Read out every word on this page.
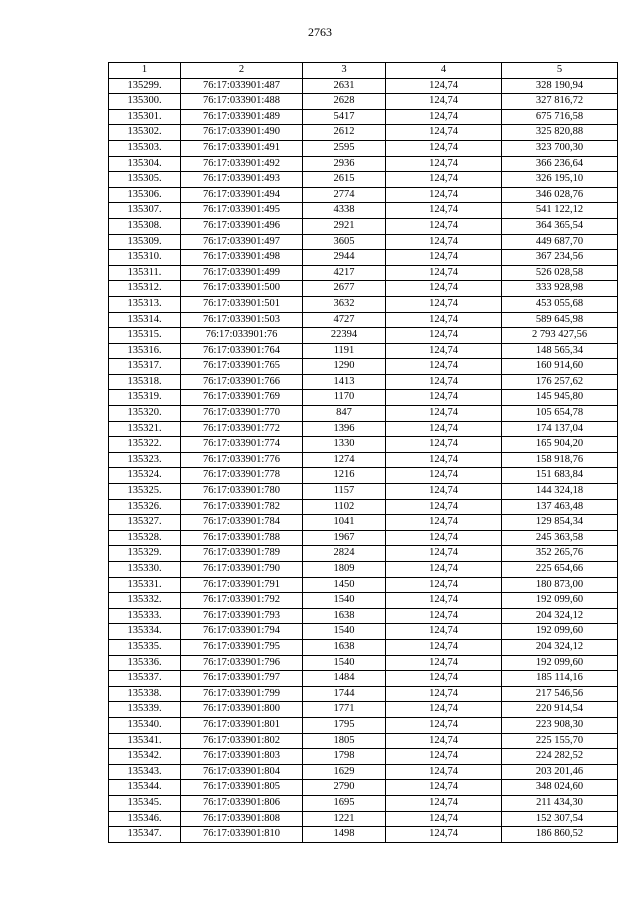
2763
1	2	3	4	5
135299.	76:17:033901:487	2631	124,74	328 190,94
135300.	76:17:033901:488	2628	124,74	327 816,72
135301.	76:17:033901:489	5417	124,74	675 716,58
135302.	76:17:033901:490	2612	124,74	325 820,88
135303.	76:17:033901:491	2595	124,74	323 700,30
135304.	76:17:033901:492	2936	124,74	366 236,64
135305.	76:17:033901:493	2615	124,74	326 195,10
135306.	76:17:033901:494	2774	124,74	346 028,76
135307.	76:17:033901:495	4338	124,74	541 122,12
135308.	76:17:033901:496	2921	124,74	364 365,54
135309.	76:17:033901:497	3605	124,74	449 687,70
135310.	76:17:033901:498	2944	124,74	367 234,56
135311.	76:17:033901:499	4217	124,74	526 028,58
135312.	76:17:033901:500	2677	124,74	333 928,98
135313.	76:17:033901:501	3632	124,74	453 055,68
135314.	76:17:033901:503	4727	124,74	589 645,98
135315.	76:17:033901:76	22394	124,74	2 793 427,56
135316.	76:17:033901:764	1191	124,74	148 565,34
135317.	76:17:033901:765	1290	124,74	160 914,60
135318.	76:17:033901:766	1413	124,74	176 257,62
135319.	76:17:033901:769	1170	124,74	145 945,80
135320.	76:17:033901:770	847	124,74	105 654,78
135321.	76:17:033901:772	1396	124,74	174 137,04
135322.	76:17:033901:774	1330	124,74	165 904,20
135323.	76:17:033901:776	1274	124,74	158 918,76
135324.	76:17:033901:778	1216	124,74	151 683,84
135325.	76:17:033901:780	1157	124,74	144 324,18
135326.	76:17:033901:782	1102	124,74	137 463,48
135327.	76:17:033901:784	1041	124,74	129 854,34
135328.	76:17:033901:788	1967	124,74	245 363,58
135329.	76:17:033901:789	2824	124,74	352 265,76
135330.	76:17:033901:790	1809	124,74	225 654,66
135331.	76:17:033901:791	1450	124,74	180 873,00
135332.	76:17:033901:792	1540	124,74	192 099,60
135333.	76:17:033901:793	1638	124,74	204 324,12
135334.	76:17:033901:794	1540	124,74	192 099,60
135335.	76:17:033901:795	1638	124,74	204 324,12
135336.	76:17:033901:796	1540	124,74	192 099,60
135337.	76:17:033901:797	1484	124,74	185 114,16
135338.	76:17:033901:799	1744	124,74	217 546,56
135339.	76:17:033901:800	1771	124,74	220 914,54
135340.	76:17:033901:801	1795	124,74	223 908,30
135341.	76:17:033901:802	1805	124,74	225 155,70
135342.	76:17:033901:803	1798	124,74	224 282,52
135343.	76:17:033901:804	1629	124,74	203 201,46
135344.	76:17:033901:805	2790	124,74	348 024,60
135345.	76:17:033901:806	1695	124,74	211 434,30
135346.	76:17:033901:808	1221	124,74	152 307,54
135347.	76:17:033901:810	1498	124,74	186 860,52
